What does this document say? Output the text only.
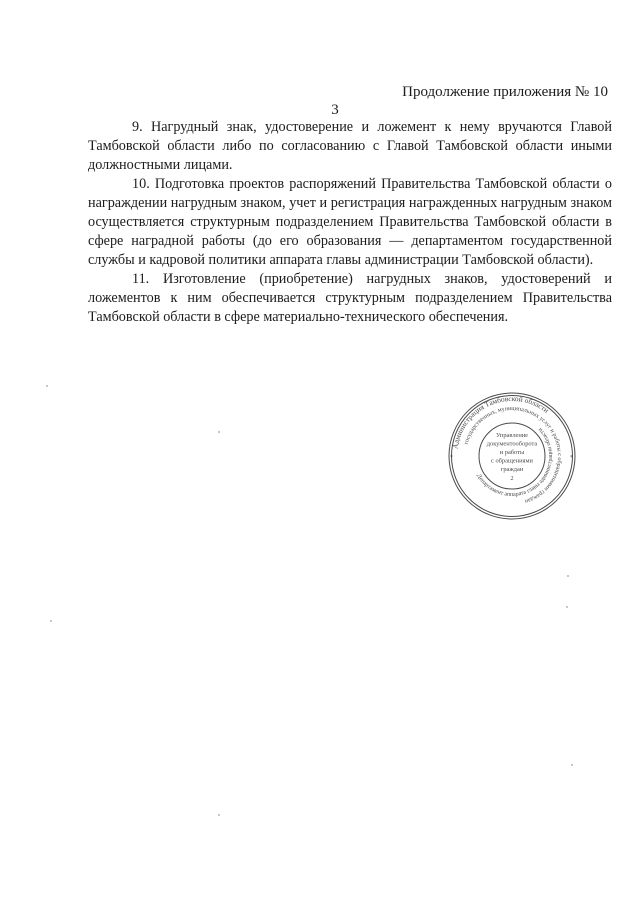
Продолжение приложения № 10

3

9. Нагрудный знак, удостоверение и ложемент к нему вручаются Главой Тамбовской области либо по согласованию с Главой Тамбовской области иными должностными лицами.

10. Подготовка проектов распоряжений Правительства Тамбовской области о награждении нагрудным знаком, учет и регистрация награжденных нагрудным знаком осуществляется структурным подразделением Правительства Тамбовской области в сфере наградной работы (до его образования — департаментом государственной службы и кадровой политики аппарата главы администрации Тамбовской области).

11. Изготовление (приобретение) нагрудных знаков, удостоверений и ложементов к ним обеспечивается структурным подразделением Правительства Тамбовской области в сфере материально-технического обеспечения.

Администрация Тамбовской области
государственных, муниципальных услуг и работы с обращениями граждан
Департамент аппарата главы администрации области
Управление
документооборота
и работы
с обращениями
граждан
2
*	*
